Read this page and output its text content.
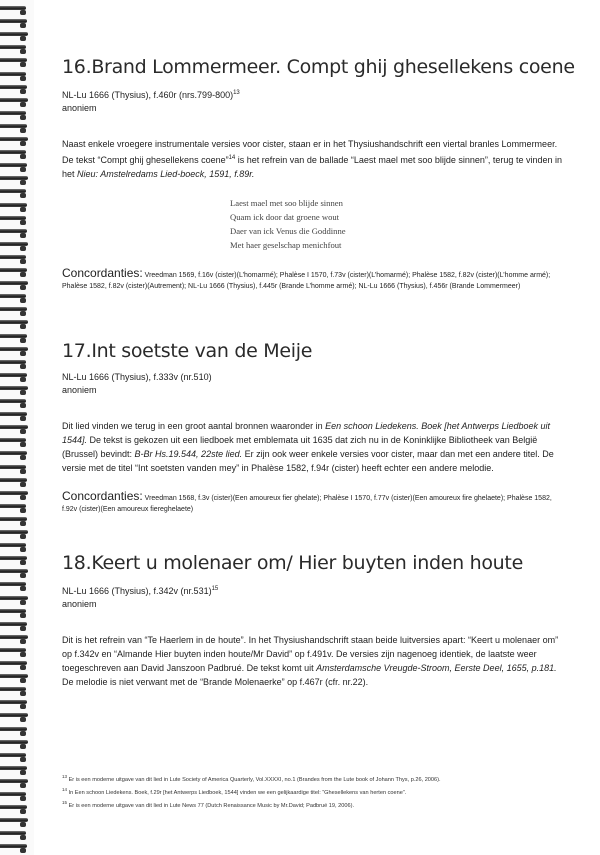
16.Brand Lommermeer. Compt ghij ghesellekens coene
NL-Lu 1666 (Thysius), f.460r $(nrs.799-800)^{13}$
anoniem
Naast enkele vroegere instrumentale versies voor cister, staan er in het Thysiushandschrift een viertal branles Lommermeer. De tekst “Compt ghij ghesellekens coene”$^{14}$ is het refrein van de ballade “Laest mael met soo blijde sinnen”, terug te vinden in het Nieu: Amstelredams Lied-boeck, 1591, f.89r.
Laest mael met soo blijde sinnen
Quam ick door dat groene wout
Daer van ick Venus die Goddinne
Met haer geselschap menichfout
Concordanties: Vreedman 1569, f.16v (cister)(L’homarmé); Phalèse I 1570, f.73v (cister)(L’homarmé); Phalèse 1582, f.82v (cister)(L’homme armé); Phalèse 1582, f.82v (cister)(Autrement); NL-Lu 1666 (Thysius), f.445r (Brande L’homme armé); NL-Lu 1666 (Thysius), f.456r (Brande Lommermeer)
17.Int soetste van de Meije
NL-Lu 1666 (Thysius), f.333v (nr.510)
anoniem
Dit lied vinden we terug in een groot aantal bronnen waaronder in Een schoon Liedekens. Boek [het Antwerps Liedboek uit 1544]. De tekst is gekozen uit een liedboek met emblemata uit 1635 dat zich nu in de Koninklijke Bibliotheek van België (Brussel) bevindt: B-Br Hs.19.544, 22ste lied. Er zijn ook weer enkele versies voor cister, maar dan met een andere titel. De versie met de titel “Int soetsten vanden mey” in Phalèse 1582, f.94r (cister) heeft echter een andere melodie.
Concordanties: Vreedman 1568, f.3v (cister)(Een amoureux fier ghelate); Phalèse I 1570, f.77v (cister)(Een amoureux fire ghelaete); Phalèse 1582, f.92v (cister)(Een amoureux fiereghelaete)
18.Keert u molenaer om/ Hier buyten inden houte
NL-Lu 1666 (Thysius), f.342v $(nr.531)^{15}$
anoniem
Dit is het refrein van “Te Haerlem in de houte”. In het Thysiushandschrift staan beide luitversies apart: “Keert u molenaer om” op f.342v en “Almande Hier buyten inden houte/Mr David” op f.491v. De versies zijn nagenoeg identiek, de laatste weer toegeschreven aan David Janszoon Padbrué. De tekst komt uit Amsterdamsche Vreugde-Stroom, Eerste Deel, 1655, p.181. De melodie is niet verwant met de “Brande Molenaerke” op f.467r (cfr. nr.22).
$^{13}$ Er is een moderne uitgave van dit lied in Lute Society of America Quarterly, Vol.XXXXI, no.1 (Brandes from the Lute book of Johann Thys, p.26, 2006).
$^{14}$ In Een schoon Liedekens. Boek, f.29r [het Antwerps Liedboek, 1544] vinden we een gelijkaardige titel: “Ghesellekens van herten coene”.
$^{15}$ Er is een moderne uitgave van dit lied in Lute News 77 (Dutch Renaissance Music by Mr.David; Padbrué 19, 2006).
